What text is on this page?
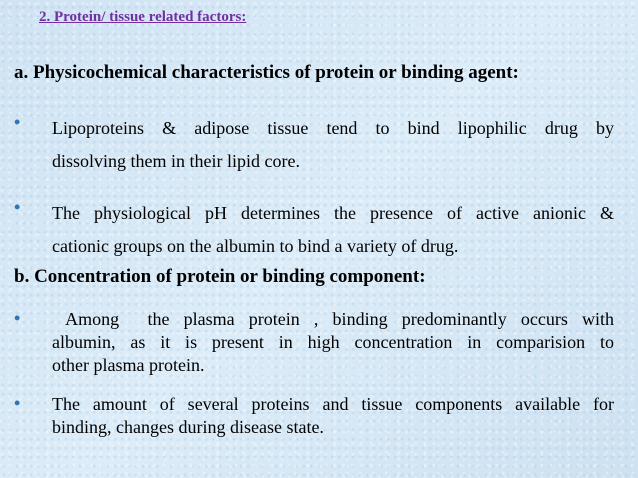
2. Protein/ tissue related factors:
a. Physicochemical characteristics of protein or binding agent:
• Lipoproteins & adipose tissue tend to bind lipophilic drug by
dissolving them in their lipid core.
• The physiological pH determines the presence of active anionic &
cationic groups on the albumin to bind a variety of drug.
b. Concentration of protein or binding component:
• Among  the plasma protein , binding predominantly occurs with
albumin, as it is present in high concentration in comparision to
other plasma protein.
• The amount of several proteins and tissue components available for
binding, changes during disease state.
